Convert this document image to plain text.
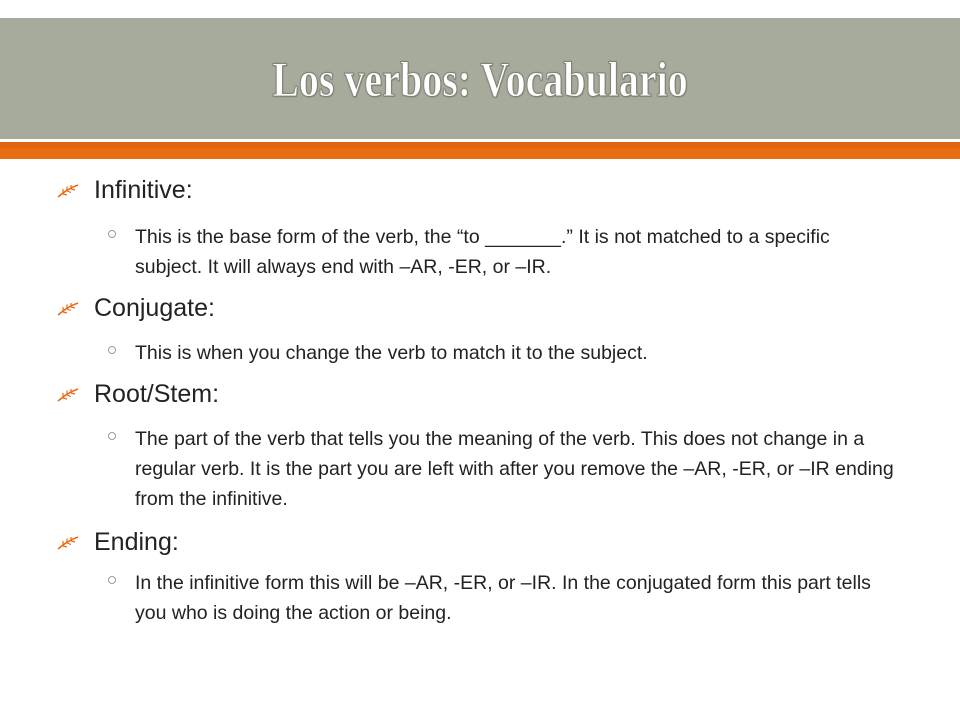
Los verbos: Vocabulario
Infinitive:
This is the base form of the verb, the “to _______.” It is not matched to a specific subject. It will always end with –AR, -ER, or –IR.
Conjugate:
This is when you change the verb to match it to the subject.
Root/Stem:
The part of the verb that tells you the meaning of the verb. This does not change in a regular verb. It is the part you are left with after you remove the –AR, -ER, or –IR ending from the infinitive.
Ending:
In the infinitive form this will be –AR, -ER, or –IR. In the conjugated form this part tells you who is doing the action or being.
